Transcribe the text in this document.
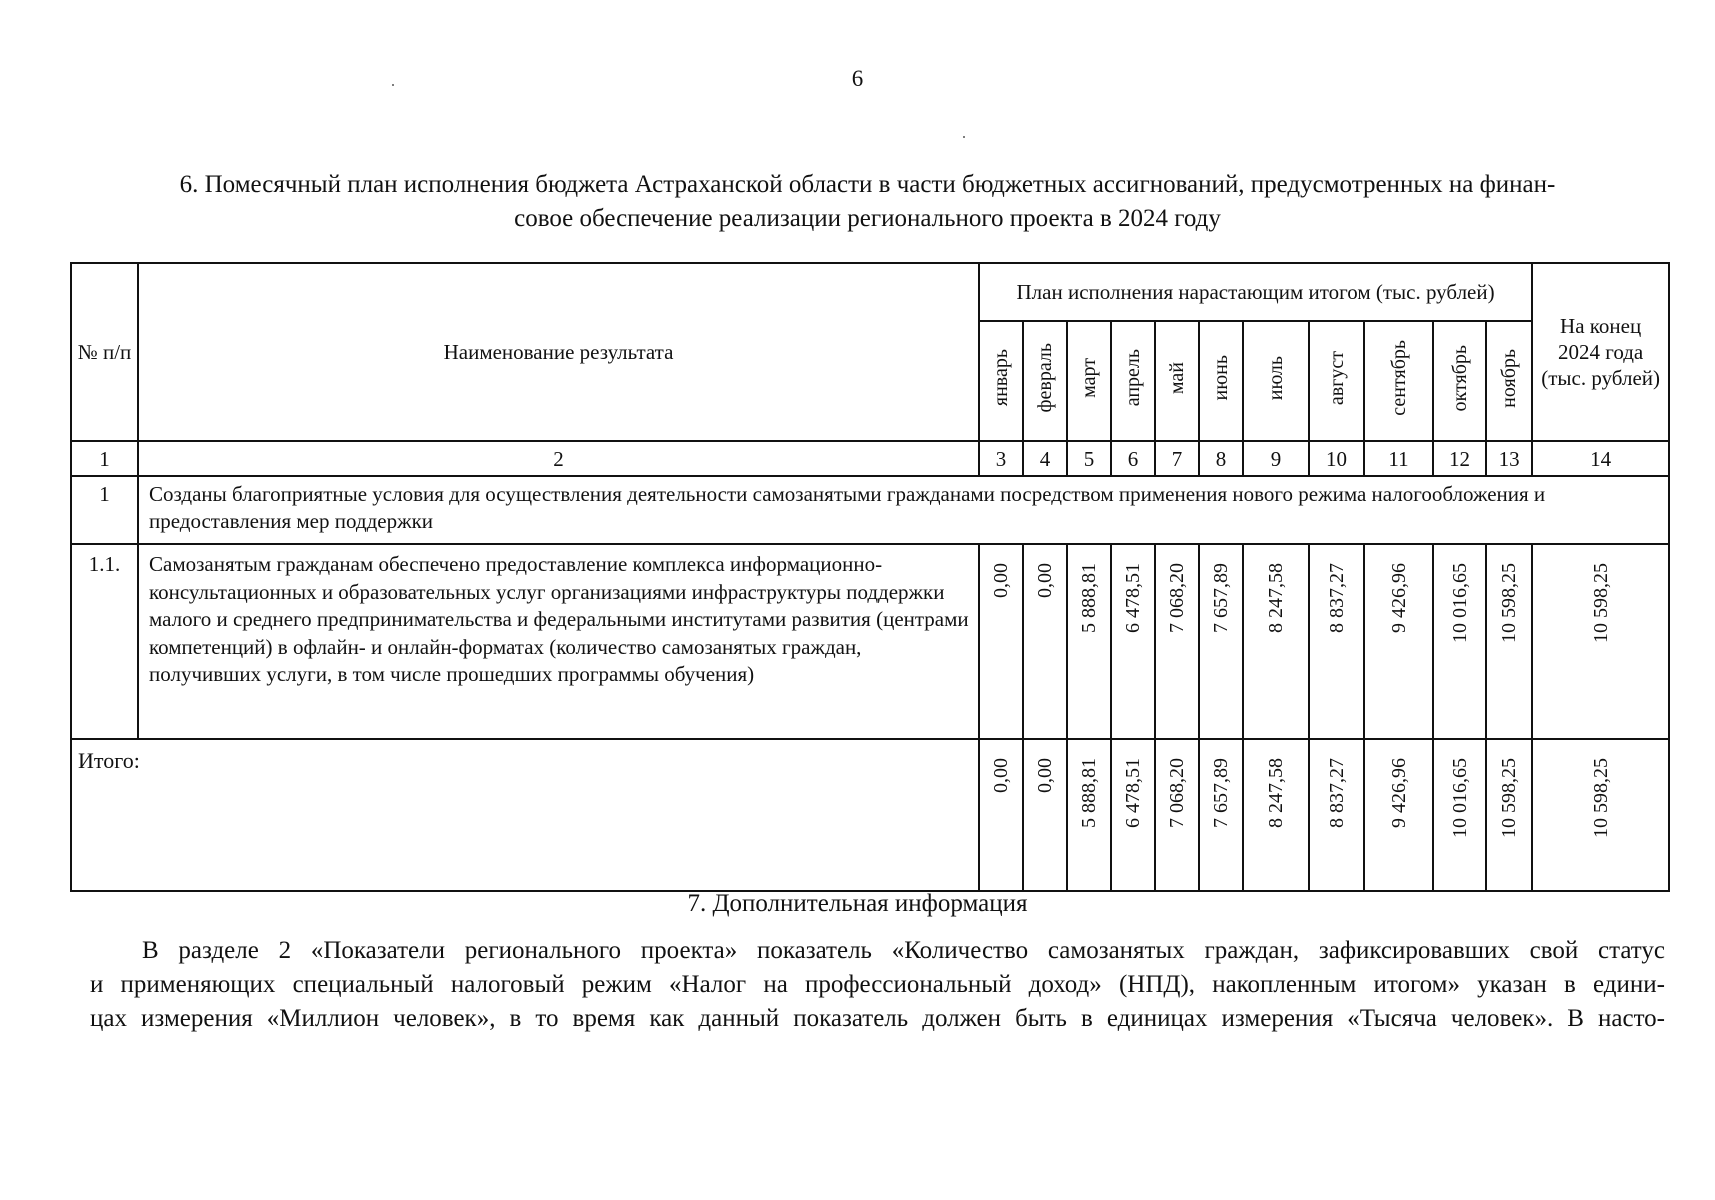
6
6. Помесячный план исполнения бюджета Астраханской области в части бюджетных ассигнований, предусмотренных на финан-
совое обеспечение реализации регионального проекта в 2024 году
№ п/п	Наименование результата	План исполнения нарастающим итогом (тыс. рублей)											На конец 2024 года (тыс. рублей)
		январь	февраль	март	апрель	май	июнь	июль	август	сентябрь	октябрь	ноябрь	
1	2	3	4	5	6	7	8	9	10	11	12	13	14
1	Созданы благоприятные условия для осуществления деятельности самозанятыми гражданами посредством применения нового режима налогообложения и предоставления мер поддержки												
1.1.	Самозанятым гражданам обеспечено предоставление комплекса информационно-консультационных и образовательных услуг организациями инфраструктуры поддержки малого и среднего предпринимательства и федеральными институтами развития (центрами компетенций) в офлайн- и онлайн-форматах (количество самозанятых граждан, получивших услуги, в том числе прошедших программы обучения)	0,00	0,00	5 888,81	6 478,51	7 068,20	7 657,89	8 247,58	8 837,27	9 426,96	10 016,65	10 598,25	10 598,25
Итого:		0,00	0,00	5 888,81	6 478,51	7 068,20	7 657,89	8 247,58	8 837,27	9 426,96	10 016,65	10 598,25	10 598,25
7. Дополнительная информация
В разделе 2 «Показатели регионального проекта» показатель «Количество самозанятых граждан, зафиксировавших свой статус
и применяющих специальный налоговый режим «Налог на профессиональный доход» (НПД), накопленным итогом» указан в едини-
цах измерения «Миллион человек», в то время как данный показатель должен быть в единицах измерения «Тысяча человек». В насто-
